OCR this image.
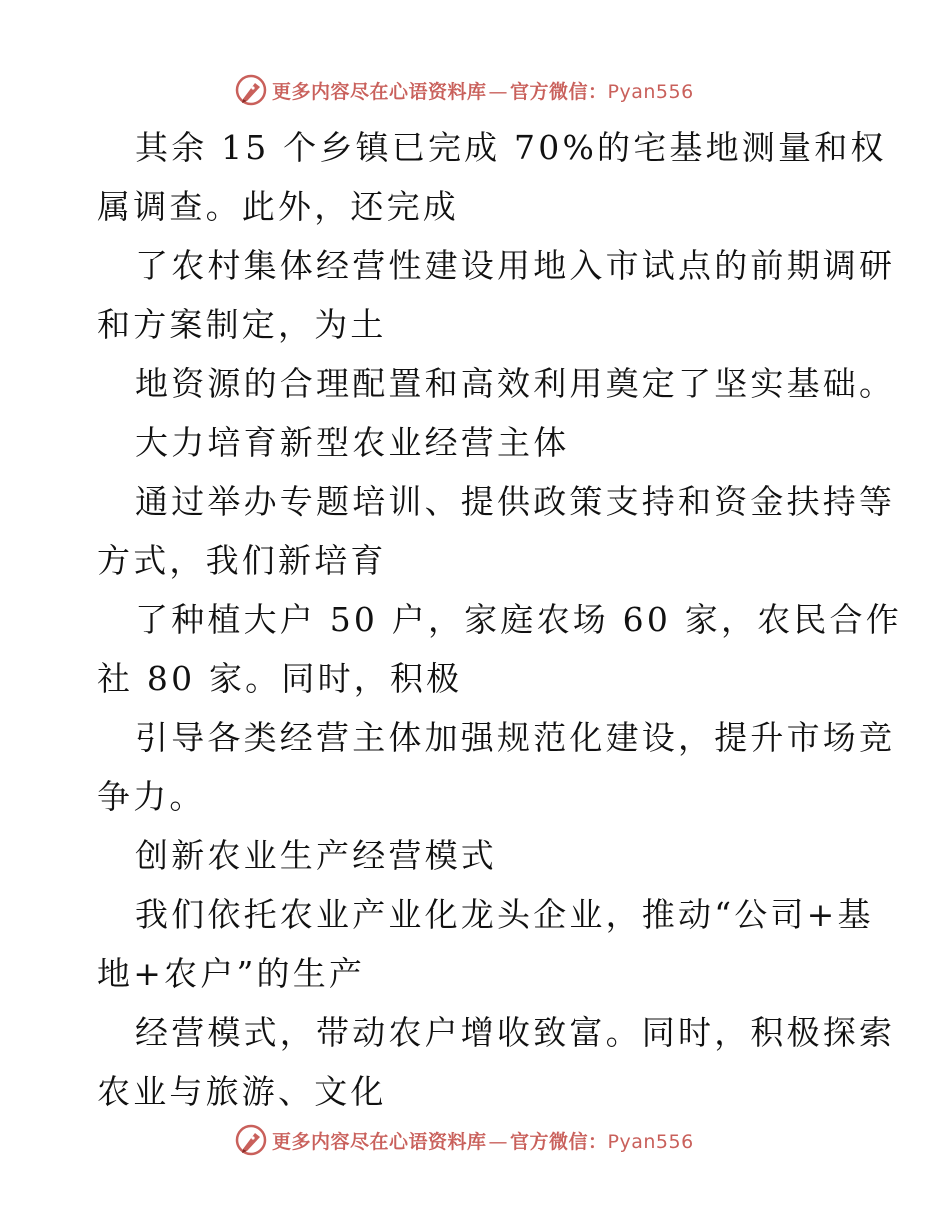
更多内容尽在心语资料库 — 官方微信：Pyan556
其余 15 个乡镇已完成 70%的宅基地测量和权
属调查。此外，还完成
了农村集体经营性建设用地入市试点的前期调研
和方案制定，为土
地资源的合理配置和高效利用奠定了坚实基础。
大力培育新型农业经营主体
通过举办专题培训、提供政策支持和资金扶持等
方式，我们新培育
了种植大户 50 户，家庭农场 60 家，农民合作
社 80 家。同时，积极
引导各类经营主体加强规范化建设，提升市场竞
争力。
创新农业生产经营模式
我们依托农业产业化龙头企业，推动“公司+基
地+农户”的生产
经营模式，带动农户增收致富。同时，积极探索
农业与旅游、文化
更多内容尽在心语资料库 — 官方微信：Pyan556
